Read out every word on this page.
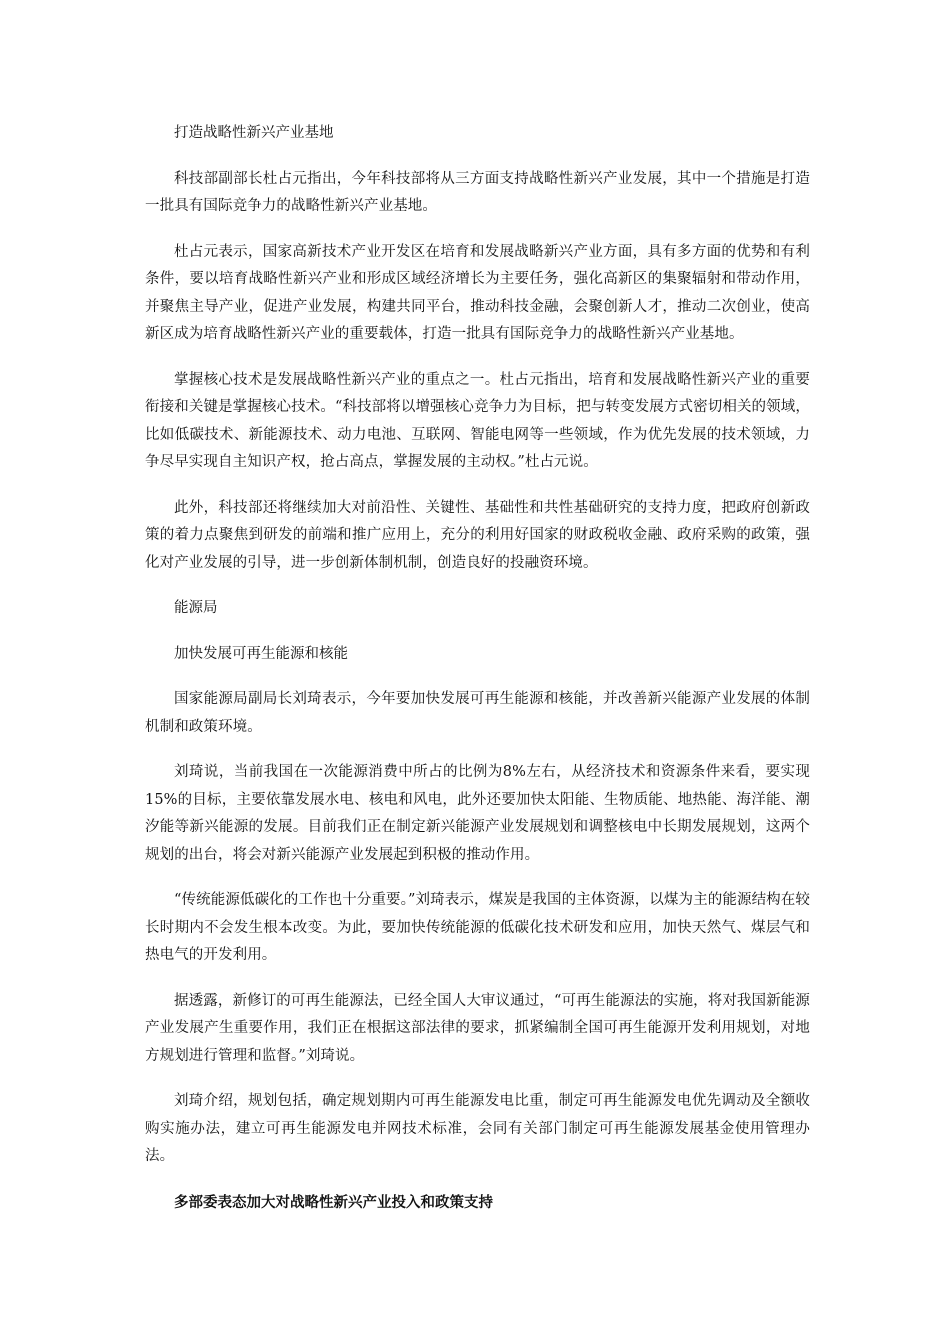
打造战略性新兴产业基地

科技部副部长杜占元指出，今年科技部将从三方面支持战略性新兴产业发展，其中一个措施是打造一批具有国际竞争力的战略性新兴产业基地。

杜占元表示，国家高新技术产业开发区在培育和发展战略新兴产业方面，具有多方面的优势和有利条件，要以培育战略性新兴产业和形成区域经济增长为主要任务，强化高新区的集聚辐射和带动作用，并聚焦主导产业，促进产业发展，构建共同平台，推动科技金融，会聚创新人才，推动二次创业，使高新区成为培育战略性新兴产业的重要载体，打造一批具有国际竞争力的战略性新兴产业基地。

掌握核心技术是发展战略性新兴产业的重点之一。杜占元指出，培育和发展战略性新兴产业的重要衔接和关键是掌握核心技术。“科技部将以增强核心竞争力为目标，把与转变发展方式密切相关的领域，比如低碳技术、新能源技术、动力电池、互联网、智能电网等一些领域，作为优先发展的技术领域，力争尽早实现自主知识产权，抢占高点，掌握发展的主动权。”杜占元说。

此外，科技部还将继续加大对前沿性、关键性、基础性和共性基础研究的支持力度，把政府创新政策的着力点聚焦到研发的前端和推广应用上，充分的利用好国家的财政税收金融、政府采购的政策，强化对产业发展的引导，进一步创新体制机制，创造良好的投融资环境。

能源局

加快发展可再生能源和核能

国家能源局副局长刘琦表示，今年要加快发展可再生能源和核能，并改善新兴能源产业发展的体制机制和政策环境。

刘琦说，当前我国在一次能源消费中所占的比例为8%左右，从经济技术和资源条件来看，要实现15%的目标，主要依靠发展水电、核电和风电，此外还要加快太阳能、生物质能、地热能、海洋能、潮汐能等新兴能源的发展。目前我们正在制定新兴能源产业发展规划和调整核电中长期发展规划，这两个规划的出台，将会对新兴能源产业发展起到积极的推动作用。

“传统能源低碳化的工作也十分重要。”刘琦表示，煤炭是我国的主体资源，以煤为主的能源结构在较长时期内不会发生根本改变。为此，要加快传统能源的低碳化技术研发和应用，加快天然气、煤层气和热电气的开发利用。

据透露，新修订的可再生能源法，已经全国人大审议通过，“可再生能源法的实施，将对我国新能源产业发展产生重要作用，我们正在根据这部法律的要求，抓紧编制全国可再生能源开发利用规划，对地方规划进行管理和监督。”刘琦说。

刘琦介绍，规划包括，确定规划期内可再生能源发电比重，制定可再生能源发电优先调动及全额收购实施办法，建立可再生能源发电并网技术标准，会同有关部门制定可再生能源发展基金使用管理办法。

多部委表态加大对战略性新兴产业投入和政策支持
